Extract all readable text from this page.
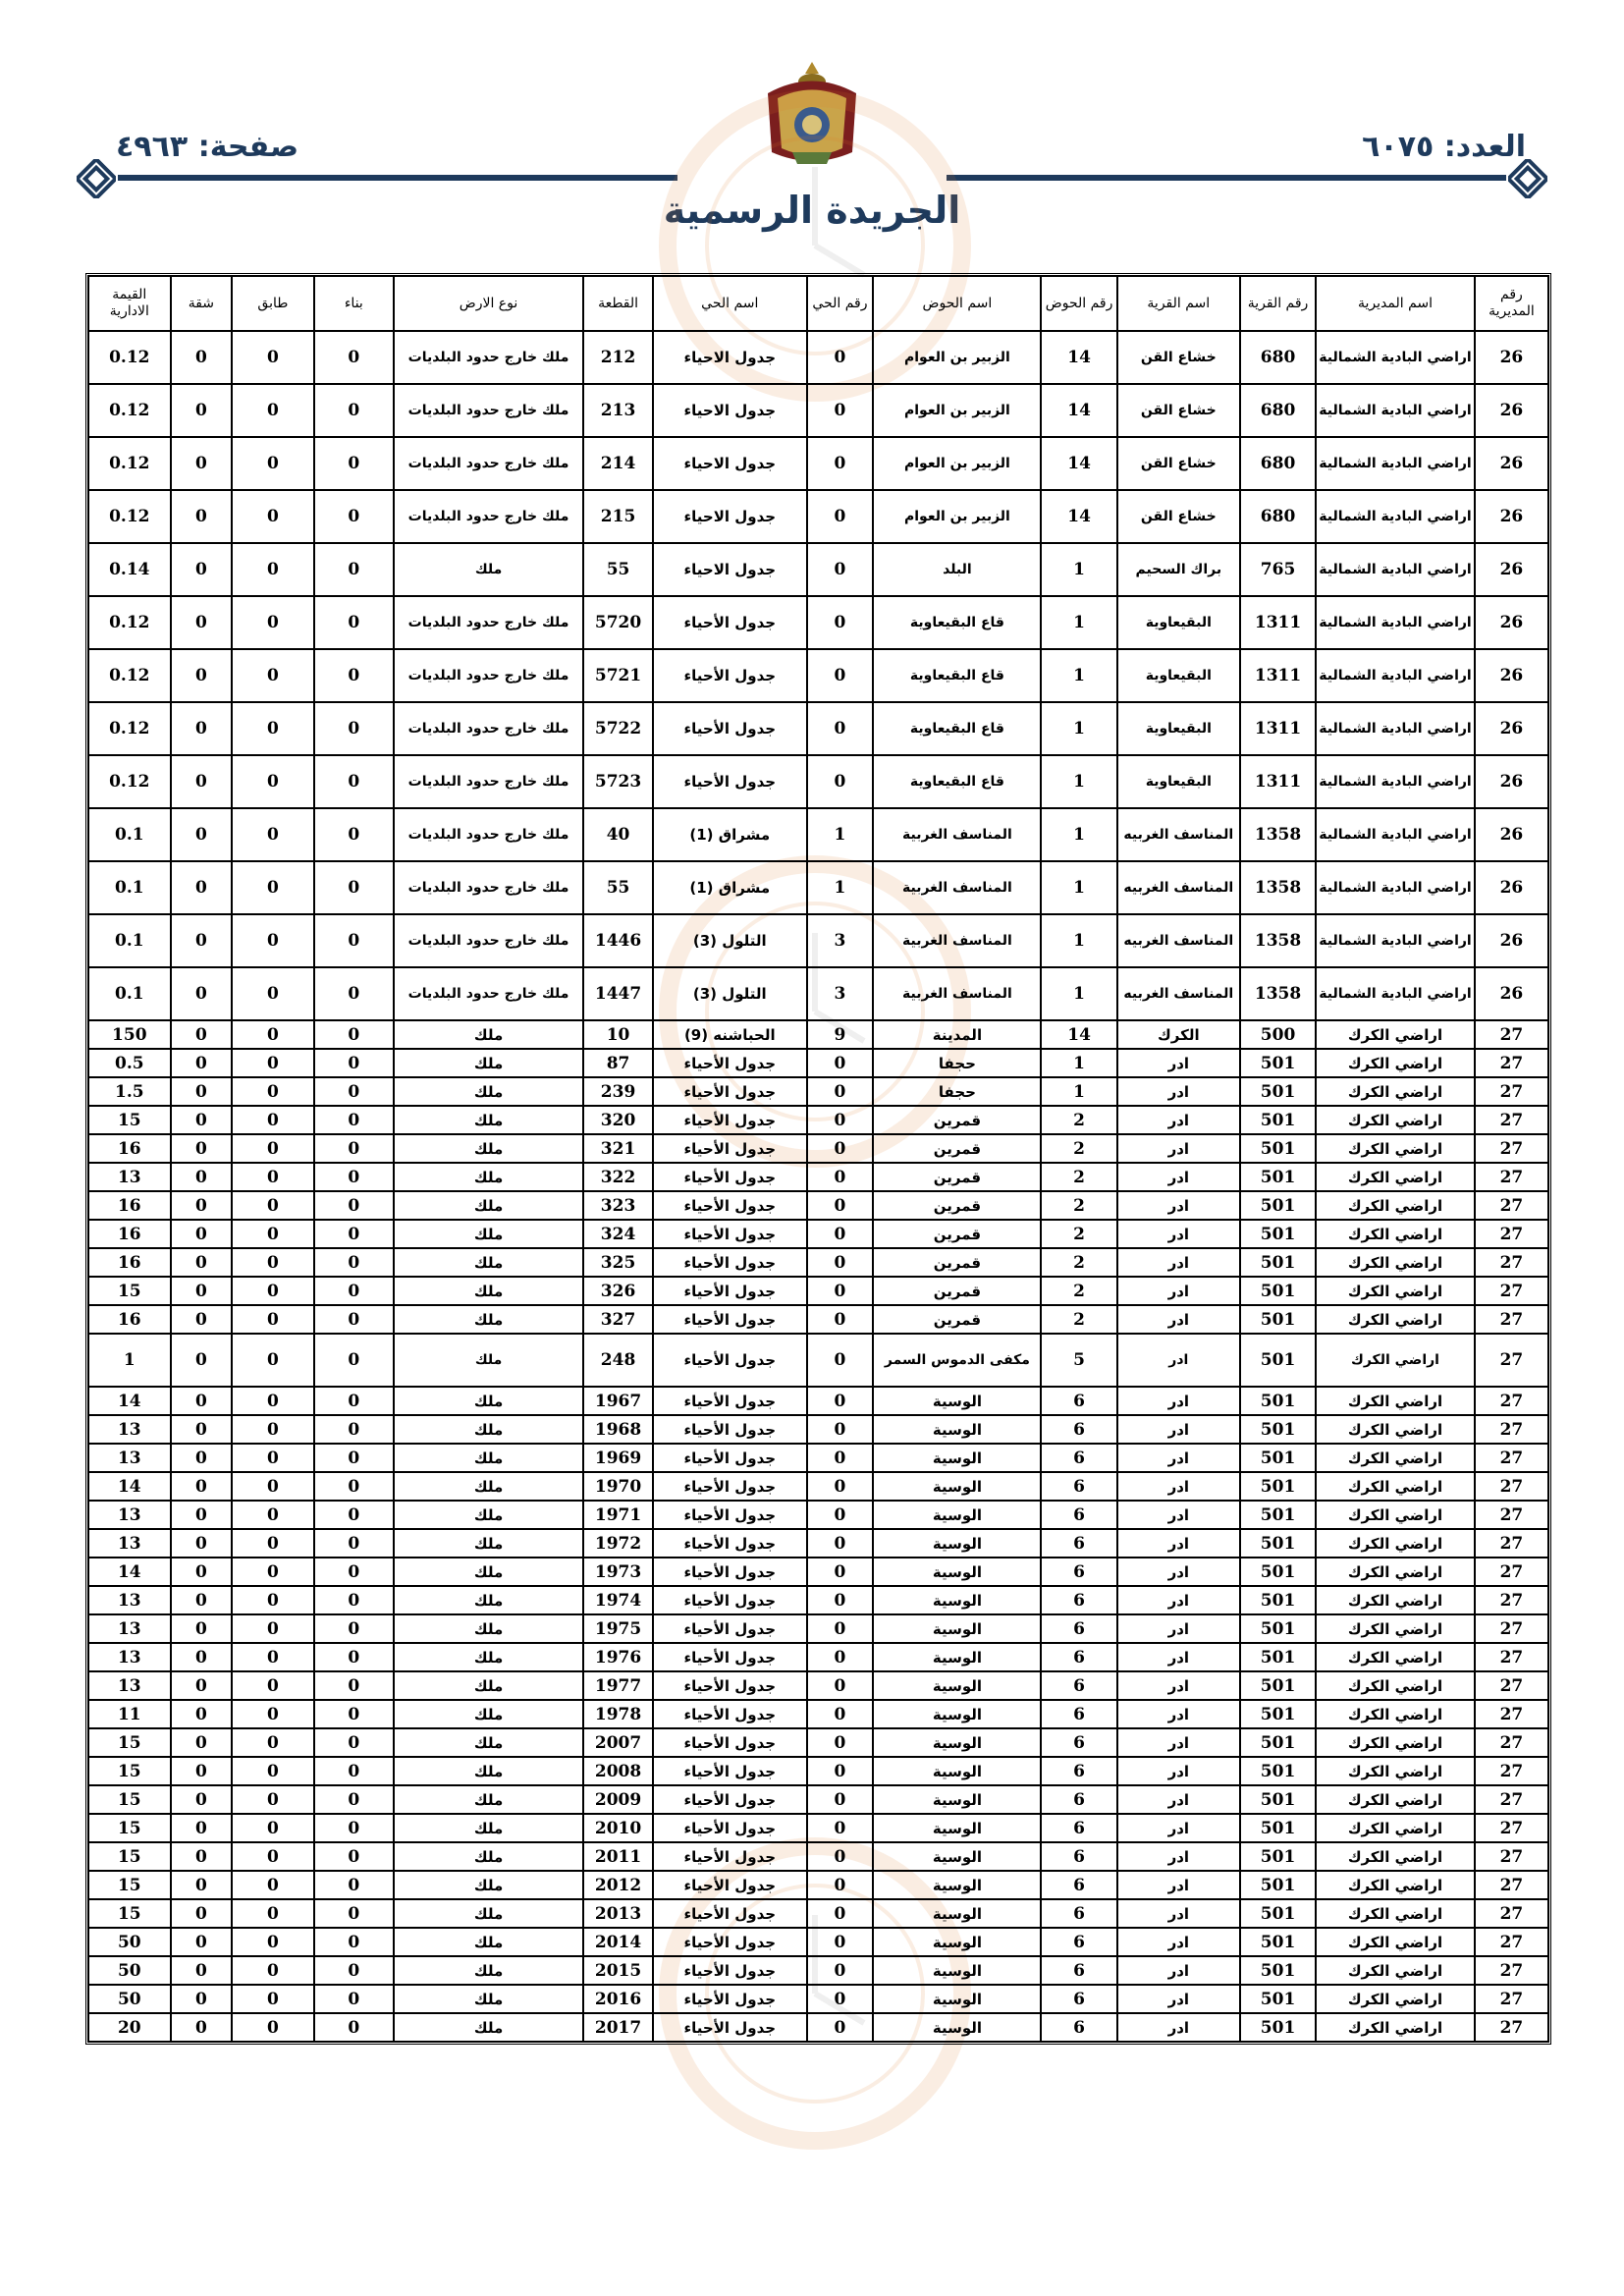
العدد: ٦٠٧٥
صفحة: ٤٩٦٣
الجريدة الرسمية
رقم المديرية	اسم المديرية	رقم القرية	اسم القرية	رقم الحوض	اسم الحوض	رقم الحي	اسم الحي	القطعة	نوع الارض	بناء	طابق	شقة	القيمة الادارية
26	اراضي البادية الشمالية	680	خشاع القن	14	الزبير بن العوام	0	جدول الاحياء	212	ملك خارج حدود البلديات	0	0	0	0.12
26	اراضي البادية الشمالية	680	خشاع القن	14	الزبير بن العوام	0	جدول الاحياء	213	ملك خارج حدود البلديات	0	0	0	0.12
26	اراضي البادية الشمالية	680	خشاع القن	14	الزبير بن العوام	0	جدول الاحياء	214	ملك خارج حدود البلديات	0	0	0	0.12
26	اراضي البادية الشمالية	680	خشاع القن	14	الزبير بن العوام	0	جدول الاحياء	215	ملك خارج حدود البلديات	0	0	0	0.12
26	اراضي البادية الشمالية	765	براك السحيم	1	البلد	0	جدول الاحياء	55	ملك	0	0	0	0.14
26	اراضي البادية الشمالية	1311	البقيعاوية	1	قاع البقيعاوية	0	جدول الأحياء	5720	ملك خارج حدود البلديات	0	0	0	0.12
26	اراضي البادية الشمالية	1311	البقيعاوية	1	قاع البقيعاوية	0	جدول الأحياء	5721	ملك خارج حدود البلديات	0	0	0	0.12
26	اراضي البادية الشمالية	1311	البقيعاوية	1	قاع البقيعاوية	0	جدول الأحياء	5722	ملك خارج حدود البلديات	0	0	0	0.12
26	اراضي البادية الشمالية	1311	البقيعاوية	1	قاع البقيعاوية	0	جدول الأحياء	5723	ملك خارج حدود البلديات	0	0	0	0.12
26	اراضي البادية الشمالية	1358	المناسف الغربيه	1	المناسف الغربية	1	مشراق (1)	40	ملك خارج حدود البلديات	0	0	0	0.1
26	اراضي البادية الشمالية	1358	المناسف الغربيه	1	المناسف الغربية	1	مشراق (1)	55	ملك خارج حدود البلديات	0	0	0	0.1
26	اراضي البادية الشمالية	1358	المناسف الغربيه	1	المناسف الغربية	3	التلول (3)	1446	ملك خارج حدود البلديات	0	0	0	0.1
26	اراضي البادية الشمالية	1358	المناسف الغربيه	1	المناسف الغربية	3	التلول (3)	1447	ملك خارج حدود البلديات	0	0	0	0.1
27	اراضي الكرك	500	الكرك	14	المدينة	9	الحباشنه (9)	10	ملك	0	0	0	150
27	اراضي الكرك	501	ادر	1	حجفا	0	جدول الأحياء	87	ملك	0	0	0	0.5
27	اراضي الكرك	501	ادر	1	حجفا	0	جدول الأحياء	239	ملك	0	0	0	1.5
27	اراضي الكرك	501	ادر	2	قمرين	0	جدول الأحياء	320	ملك	0	0	0	15
27	اراضي الكرك	501	ادر	2	قمرين	0	جدول الأحياء	321	ملك	0	0	0	16
27	اراضي الكرك	501	ادر	2	قمرين	0	جدول الأحياء	322	ملك	0	0	0	13
27	اراضي الكرك	501	ادر	2	قمرين	0	جدول الأحياء	323	ملك	0	0	0	16
27	اراضي الكرك	501	ادر	2	قمرين	0	جدول الأحياء	324	ملك	0	0	0	16
27	اراضي الكرك	501	ادر	2	قمرين	0	جدول الأحياء	325	ملك	0	0	0	16
27	اراضي الكرك	501	ادر	2	قمرين	0	جدول الأحياء	326	ملك	0	0	0	15
27	اراضي الكرك	501	ادر	2	قمرين	0	جدول الأحياء	327	ملك	0	0	0	16
27	اراضي الكرك	501	ادر	5	مكفى الدموس السمر	0	جدول الأحياء	248	ملك	0	0	0	1
27	اراضي الكرك	501	ادر	6	الوسية	0	جدول الأحياء	1967	ملك	0	0	0	14
27	اراضي الكرك	501	ادر	6	الوسية	0	جدول الأحياء	1968	ملك	0	0	0	13
27	اراضي الكرك	501	ادر	6	الوسية	0	جدول الأحياء	1969	ملك	0	0	0	13
27	اراضي الكرك	501	ادر	6	الوسية	0	جدول الأحياء	1970	ملك	0	0	0	14
27	اراضي الكرك	501	ادر	6	الوسية	0	جدول الأحياء	1971	ملك	0	0	0	13
27	اراضي الكرك	501	ادر	6	الوسية	0	جدول الأحياء	1972	ملك	0	0	0	13
27	اراضي الكرك	501	ادر	6	الوسية	0	جدول الأحياء	1973	ملك	0	0	0	14
27	اراضي الكرك	501	ادر	6	الوسية	0	جدول الأحياء	1974	ملك	0	0	0	13
27	اراضي الكرك	501	ادر	6	الوسية	0	جدول الأحياء	1975	ملك	0	0	0	13
27	اراضي الكرك	501	ادر	6	الوسية	0	جدول الأحياء	1976	ملك	0	0	0	13
27	اراضي الكرك	501	ادر	6	الوسية	0	جدول الأحياء	1977	ملك	0	0	0	13
27	اراضي الكرك	501	ادر	6	الوسية	0	جدول الأحياء	1978	ملك	0	0	0	11
27	اراضي الكرك	501	ادر	6	الوسية	0	جدول الأحياء	2007	ملك	0	0	0	15
27	اراضي الكرك	501	ادر	6	الوسية	0	جدول الأحياء	2008	ملك	0	0	0	15
27	اراضي الكرك	501	ادر	6	الوسية	0	جدول الأحياء	2009	ملك	0	0	0	15
27	اراضي الكرك	501	ادر	6	الوسية	0	جدول الأحياء	2010	ملك	0	0	0	15
27	اراضي الكرك	501	ادر	6	الوسية	0	جدول الأحياء	2011	ملك	0	0	0	15
27	اراضي الكرك	501	ادر	6	الوسية	0	جدول الأحياء	2012	ملك	0	0	0	15
27	اراضي الكرك	501	ادر	6	الوسية	0	جدول الأحياء	2013	ملك	0	0	0	15
27	اراضي الكرك	501	ادر	6	الوسية	0	جدول الأحياء	2014	ملك	0	0	0	50
27	اراضي الكرك	501	ادر	6	الوسية	0	جدول الأحياء	2015	ملك	0	0	0	50
27	اراضي الكرك	501	ادر	6	الوسية	0	جدول الأحياء	2016	ملك	0	0	0	50
27	اراضي الكرك	501	ادر	6	الوسية	0	جدول الأحياء	2017	ملك	0	0	0	20
